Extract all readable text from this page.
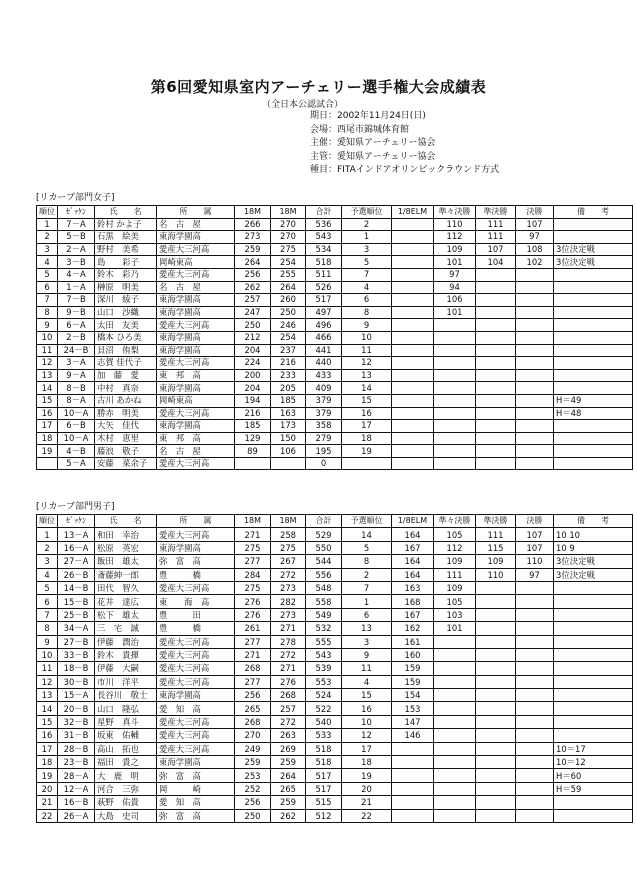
第6回愛知県室内アーチェリー選手権大会成績表
（全日本公認試合）
期日：2002年11月24日(日)
会場：西尾市錦城体育館
主催：愛知県アーチェリー協会
主管：愛知県アーチェリー協会
種目：FITAインドアオリンピックラウンド方式
[リカーブ部門女子]
順位	ｾﾞｯｹﾝ	氏　　名	所　　属	18M	18M	合計	予選順位	1/8ELM	準々決勝	準決勝	決勝	備　　考
1	7－A	鈴村 かよ子	名　古　屋	266	270	536	2		110	111	107	
2	5－B	石黒　絵美	東海学園高	273	270	543	1		112	111	97	
3	2－A	野村　美希	愛産大三河高	259	275	534	3		109	107	108	3位決定戦
4	3－B	島　　彩子	岡崎東高	264	254	518	5		101	104	102	3位決定戦
5	4－A	鈴木　彩乃	愛産大三河高	256	255	511	7		97			
6	1－A	榊原　明美	名　古　屋	262	264	526	4		94			
7	7－B	深川　綾子	東海学園高	257	260	517	6		106			
8	9－B	山口　沙織	東海学園高	247	250	497	8		101			
9	6－A	太田　友美	愛産大三河高	250	246	496	9					
10	2－B	橋本 ひろ美	東海学園高	212	254	466	10					
11	24－B	貝沼　侑梨	東海学園高	204	237	441	11					
12	3－A	志賀 佳代子	愛産大三河高	224	216	440	12					
13	9－A	加　藤　愛	東　邦　高	200	233	433	13					
14	8－B	中村　真奈	東海学園高	204	205	409	14					
15	8－A	古川 あかね	岡崎東高	194	185	379	15					H＝49
16	10－A	勝赤　明美	愛産大三河高	216	163	379	16					H＝48
17	6－B	大矢　佳代	東海学園高	185	173	358	17					
18	10－A	木村　恵里	東　邦　高	129	150	279	18					
19	4－B	藤浪　敬子	名　古　屋	89	106	195	19					
	5－A	安藤　菜余子	愛産大三河高			0						
[リカーブ部門男子]
順位	ｾﾞｯｹﾝ	氏　　名	所　　属	18M	18M	合計	予選順位	1/8ELM	準々決勝	準決勝	決勝	備　　考
1	13－A	和田　幸治	愛産大三河高	271	258	529	14	164	105	111	107	10 10
2	16－A	松原　英宏	東海学園高	275	275	550	5	167	112	115	107	10 9
3	27－A	飯田　雄太	弥　富　高	277	267	544	8	164	109	109	110	3位決定戦
4	26－B	斎藤紳一郎	豊　　　橋	284	272	556	2	164	111	110	97	3位決定戦
5	14－B	田代　智久	愛産大三河高	275	273	548	7	163	109			
6	15－B	花井　達広	東　　海　高	276	282	558	1	168	105			
7	25－B	松下　雄太	豊　　　田	276	273	549	6	167	103			
8	34－A	三　宅　誠	豊　　　橋	261	271	532	13	162	101			
9	27－B	伊藤　潤治	愛産大三河高	277	278	555	3	161				
10	33－B	鈴木　貴揮	愛産大三河高	271	272	543	9	160				
11	18－B	伊藤　大嗣	愛産大三河高	268	271	539	11	159				
12	30－B	市川　洋平	愛産大三河高	277	276	553	4	159				
13	15－A	長谷川　敬士	東海学園高	256	268	524	15	154				
14	20－B	山口　隆弘	愛　知　高	265	257	522	16	153				
15	32－B	星野　真斗	愛産大三河高	268	272	540	10	147				
16	31－B	坂東　佑輔	愛産大三河高	270	263	533	12	146				
17	28－B	高山　拓也	愛産大三河高	249	269	518	17					10＝17
18	23－B	福田　貴之	東海学園高	259	259	518	18					10＝12
19	28－A	大　鹿　明	弥　富　高	253	264	517	19					H＝60
20	12－A	河合　三弥	岡　　　崎	252	265	517	20					H＝59
21	16－B	萩野　佑貴	愛　知　高	256	259	515	21					
22	26－A	大島　史司	弥　富　高	250	262	512	22					
